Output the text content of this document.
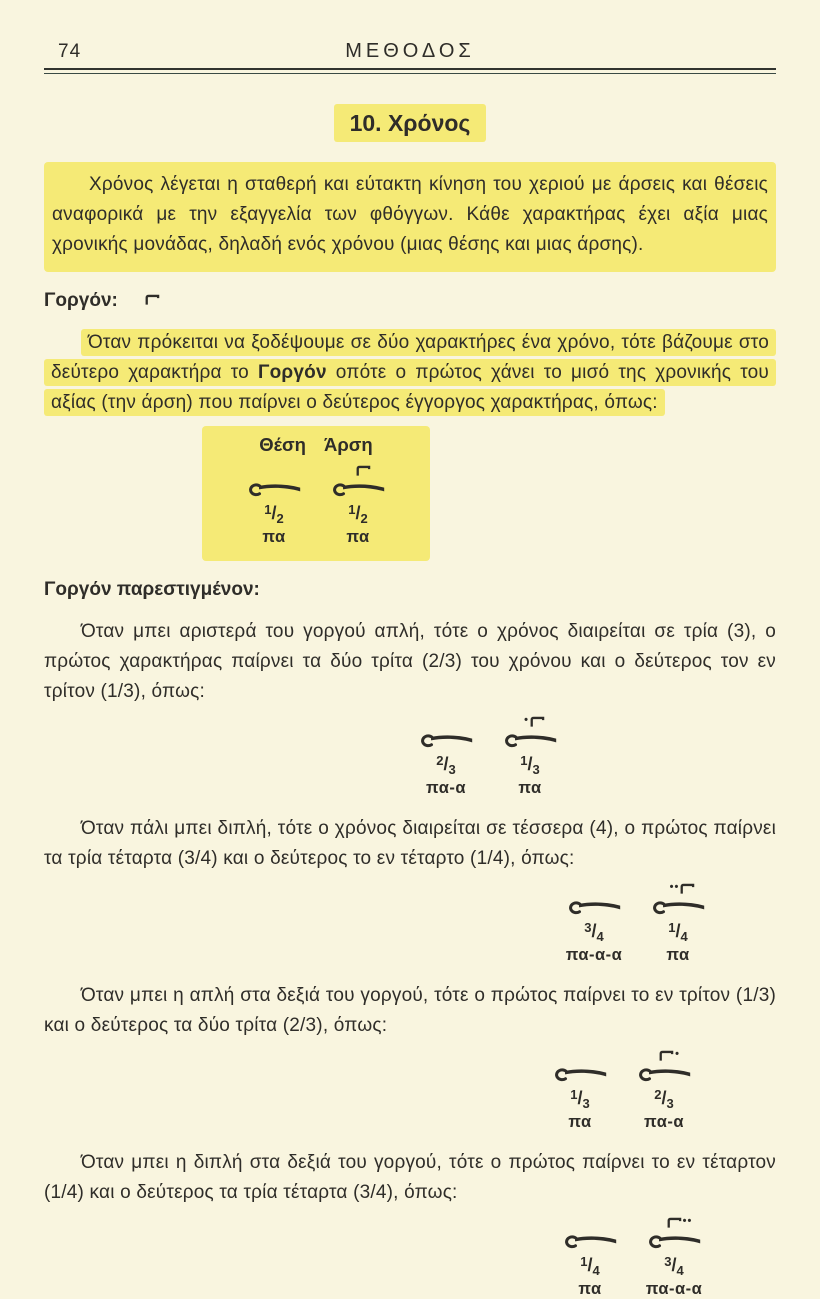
74	ΜΕΘΟΔΟΣ
10. Χρόνος

Χρόνος λέγεται η σταθερή και εύτακτη κίνηση του χεριού με άρσεις και θέσεις αναφορικά με την εξαγγελία των φθόγγων. Κάθε χαρακτήρας έχει αξία μιας χρονικής μονάδας, δηλαδή ενός χρόνου (μιας θέσης και μιας άρσης).

Γοργόν:

Όταν πρόκειται να ξοδέψουμε σε δύο χαρακτήρες ένα χρόνο, τότε βάζουμε στο δεύτερο χαρακτήρα το Γοργόν οπότε ο πρώτος χάνει το μισό της χρονικής του αξίας (την άρση) που παίρνει ο δεύτερος έγγοργος χαρακτήρας, όπως:

Θέση Άρση
$^1/_2$
πα
$^1/_2$
πα

Γοργόν παρεστιγμένον:

Όταν μπει αριστερά του γοργού απλή, τότε ο χρόνος διαιρείται σε τρία (3), ο πρώτος χαρακτήρας παίρνει τα δύο τρίτα (2/3) του χρόνου και ο δεύτερος τον εν τρίτον (1/3), όπως:

$^2/_3$
πα-α
•
$^1/_3$
πα

Όταν πάλι μπει διπλή, τότε ο χρόνος διαιρείται σε τέσσερα (4), ο πρώτος παίρνει τα τρία τέταρτα (3/4) και ο δεύτερος το εν τέταρτο (1/4), όπως:

$^3/_4$
πα-α-α
••
$^1/_4$
πα

Όταν μπει η απλή στα δεξιά του γοργού, τότε ο πρώτος παίρνει το εν τρίτον (1/3) και ο δεύτερος τα δύο τρίτα (2/3), όπως:

$^1/_3$
πα
•
$^2/_3$
πα-α

Όταν μπει η διπλή στα δεξιά του γοργού, τότε ο πρώτος παίρνει το εν τέταρτον (1/4) και ο δεύτερος τα τρία τέταρτα (3/4), όπως:

$^1/_4$
πα
••
$^3/_4$
πα-α-α
